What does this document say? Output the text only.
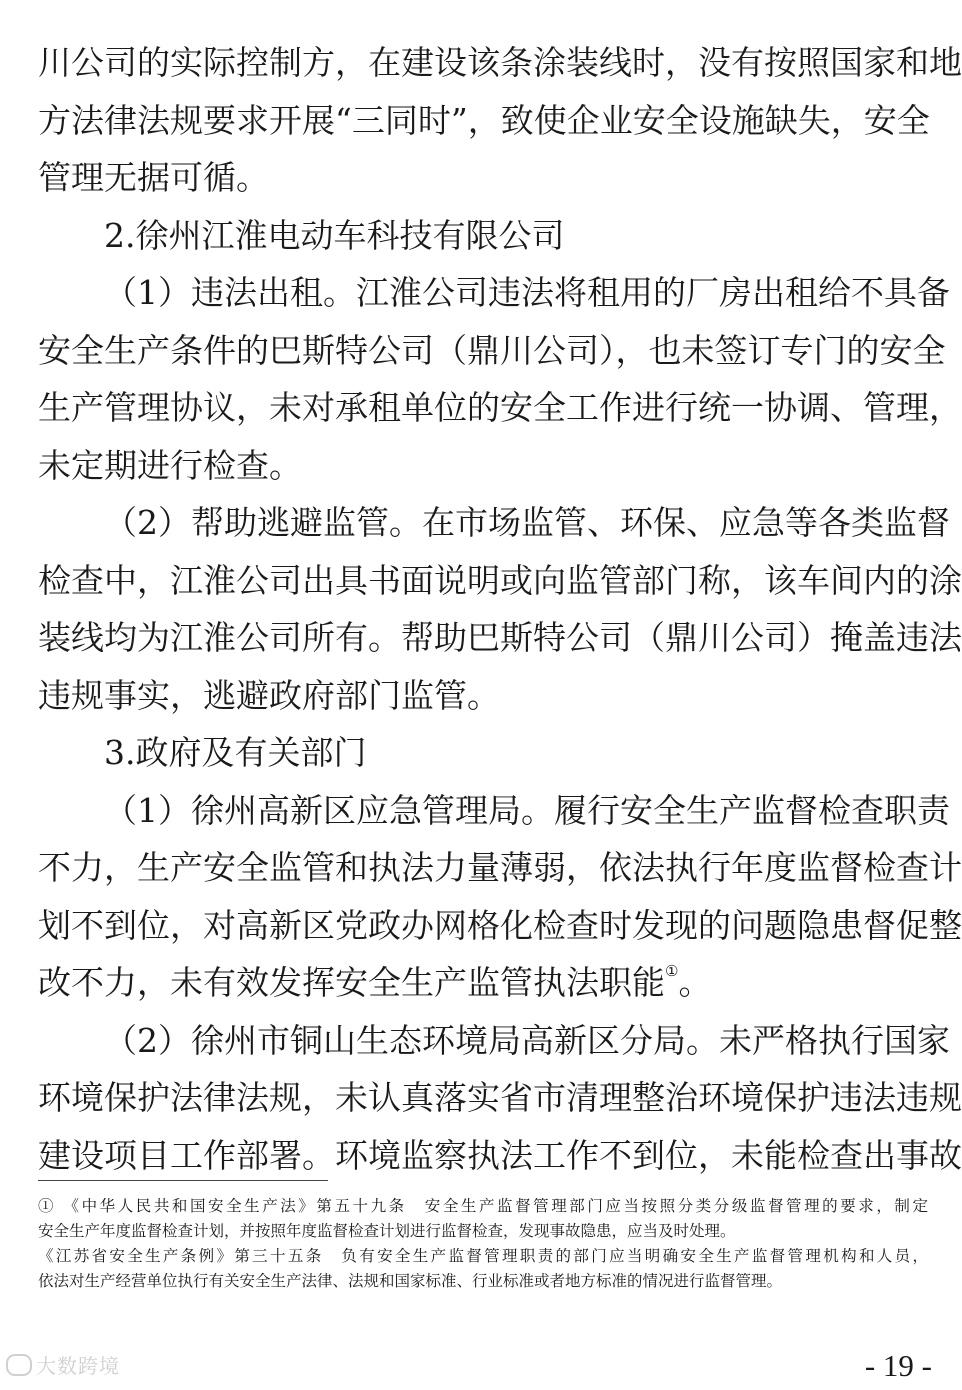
川公司的实际控制方，在建设该条涂装线时，没有按照国家和地
方法律法规要求开展“三同时”，致使企业安全设施缺失，安全
管理无据可循。
2.徐州江淮电动车科技有限公司
（1）违法出租。江淮公司违法将租用的厂房出租给不具备
安全生产条件的巴斯特公司（鼎川公司），也未签订专门的安全
生产管理协议，未对承租单位的安全工作进行统一协调、管理，
未定期进行检查。
（2）帮助逃避监管。在市场监管、环保、应急等各类监督
检查中，江淮公司出具书面说明或向监管部门称，该车间内的涂
装线均为江淮公司所有。帮助巴斯特公司（鼎川公司）掩盖违法
违规事实，逃避政府部门监管。
3.政府及有关部门
（1）徐州高新区应急管理局。履行安全生产监督检查职责
不力，生产安全监管和执法力量薄弱，依法执行年度监督检查计
划不到位，对高新区党政办网格化检查时发现的问题隐患督促整
改不力，未有效发挥安全生产监管执法职能①。
（2）徐州市铜山生态环境局高新区分局。未严格执行国家
环境保护法律法规，未认真落实省市清理整治环境保护违法违规
建设项目工作部署。环境监察执法工作不到位，未能检查出事故
① 《中华人民共和国安全生产法》第五十九条　安全生产监督管理部门应当按照分类分级监督管理的要求，制定
安全生产年度监督检查计划，并按照年度监督检查计划进行监督检查，发现事故隐患，应当及时处理。
《江苏省安全生产条例》第三十五条　负有安全生产监督管理职责的部门应当明确安全生产监督管理机构和人员，
依法对生产经营单位执行有关安全生产法律、法规和国家标准、行业标准或者地方标准的情况进行监督管理。
大数跨境	- 19 -
